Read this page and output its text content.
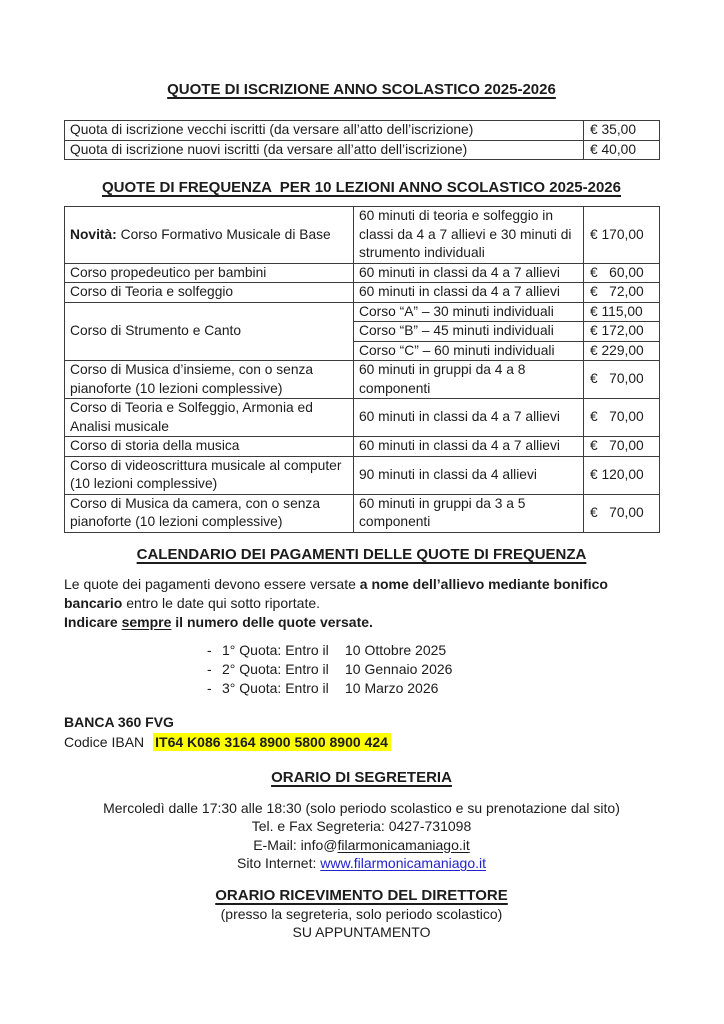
QUOTE DI ISCRIZIONE ANNO SCOLASTICO 2025-2026
Quota di iscrizione vecchi iscritti (da versare all’atto dell’iscrizione)	€ 35,00
Quota di iscrizione nuovi iscritti (da versare all’atto dell’iscrizione)	€ 40,00
QUOTE DI FREQUENZA  PER 10 LEZIONI ANNO SCOLASTICO 2025-2026
Novità: Corso Formativo Musicale di Base	60 minuti di teoria e solfeggio in classi da 4 a 7 allievi e 30 minuti di strumento individuali	€ 170,00
Corso propedeutico per bambini	60 minuti in classi da 4 a 7 allievi	€   60,00
Corso di Teoria e solfeggio	60 minuti in classi da 4 a 7 allievi	€   72,00
Corso di Strumento e Canto	Corso “A” – 30 minuti individuali	€ 115,00
	Corso “B” – 45 minuti individuali	€ 172,00
	Corso “C” – 60 minuti individuali	€ 229,00
Corso di Musica d’insieme, con o senza pianoforte (10 lezioni complessive)	60 minuti in gruppi da 4 a 8 componenti	€   70,00
Corso di Teoria e Solfeggio, Armonia ed Analisi musicale	60 minuti in classi da 4 a 7 allievi	€   70,00
Corso di storia della musica	60 minuti in classi da 4 a 7 allievi	€   70,00
Corso di videoscrittura musicale al computer (10 lezioni complessive)	90 minuti in classi da 4 allievi	€ 120,00
Corso di Musica da camera, con o senza pianoforte (10 lezioni complessive)	60 minuti in gruppi da 3 a 5 componenti	€   70,00
CALENDARIO DEI PAGAMENTI DELLE QUOTE DI FREQUENZA
Le quote dei pagamenti devono essere versate a nome dell’allievo mediante bonifico bancario entro le date qui sotto riportate.
Indicare sempre il numero delle quote versate.
- 1° Quota: Entro il	10 Ottobre 2025
- 2° Quota: Entro il	10 Gennaio 2026
- 3° Quota: Entro il	10 Marzo 2026
BANCA 360 FVG
Codice IBAN IT64 K086 3164 8900 5800 8900 424
ORARIO DI SEGRETERIA
Mercoledì dalle 17:30 alle 18:30 (solo periodo scolastico e su prenotazione dal sito)
Tel. e Fax Segreteria: 0427-731098
E-Mail: info@filarmonicamaniago.it
Sito Internet: www.filarmonicamaniago.it
ORARIO RICEVIMENTO DEL DIRETTORE
(presso la segreteria, solo periodo scolastico)
SU APPUNTAMENTO
